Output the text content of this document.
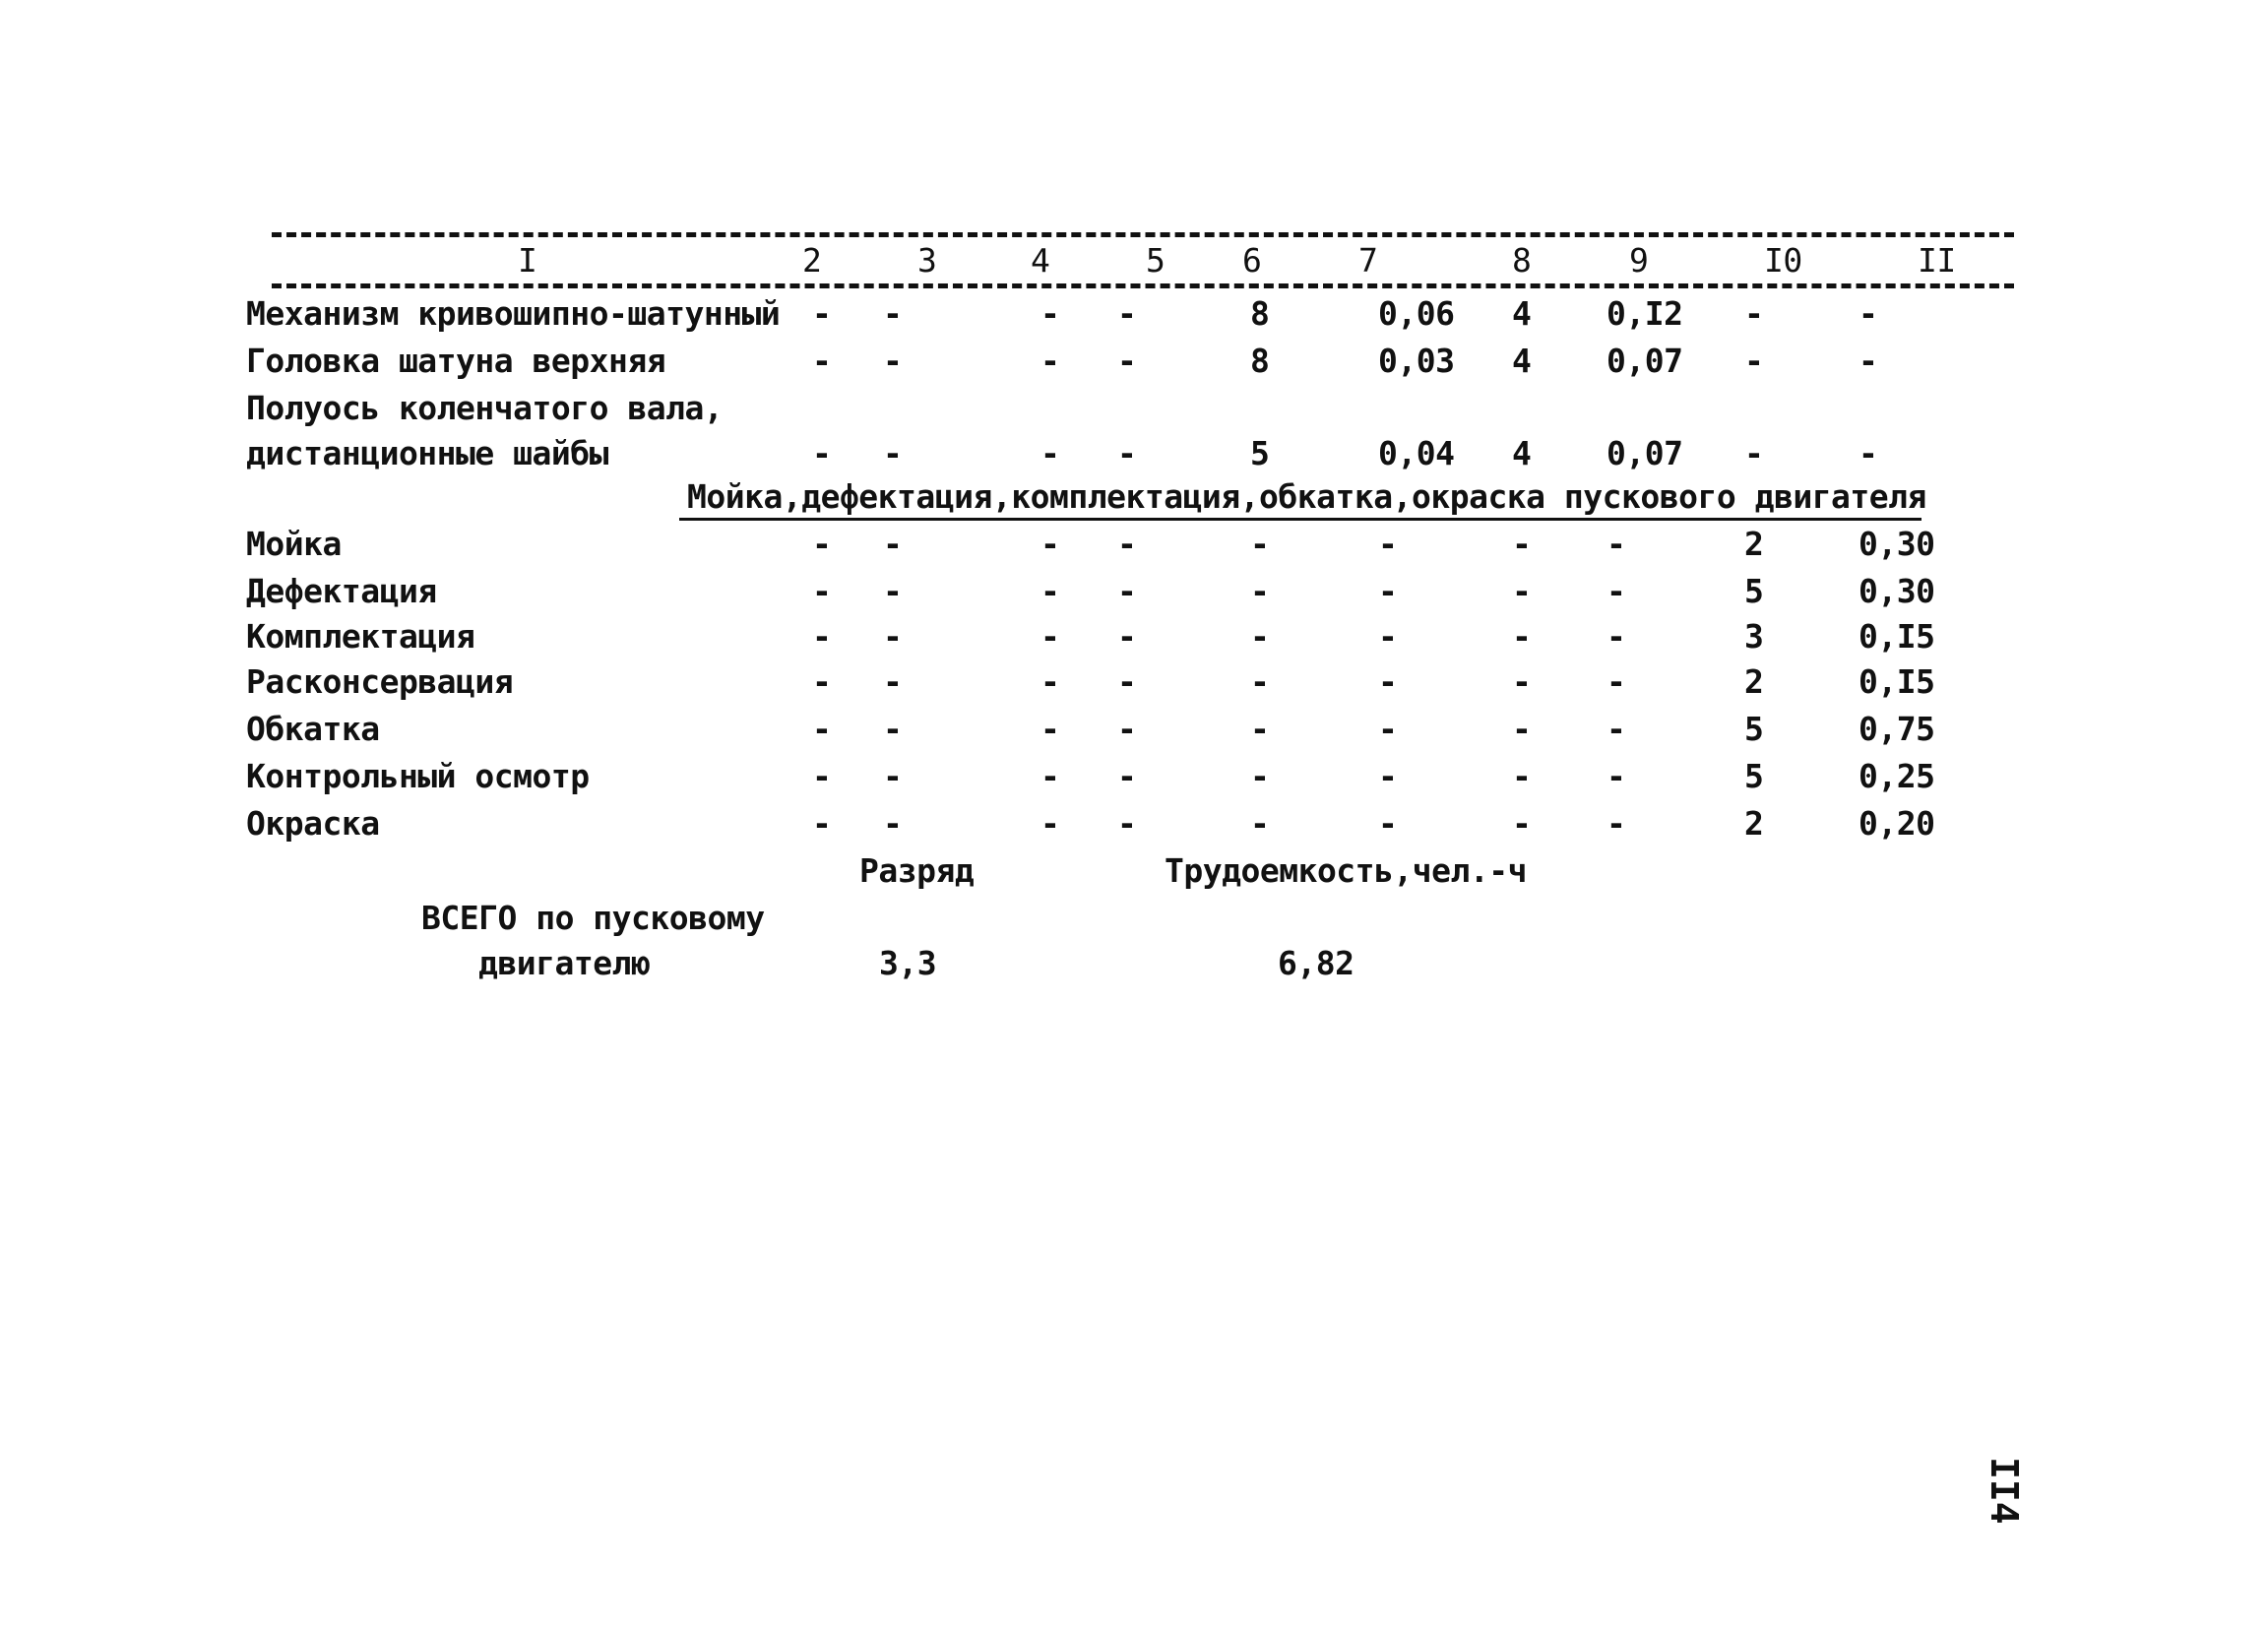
I	2	3	4	5 6	7	8	9	I0	II
Механизм кривошипно-шатунный - -	- -	8	0,06 4 0,I2 -	-
Головка шатуна верхняя	- -	- -	8	0,03 4 0,07 -	-
Полуось коленчатого вала,
дистанционные шайбы	- -	- -	5	0,04 4 0,07 -	-
Мойка,дефектация,комплектация,обкатка,окраска пускового двигателя
Мойка	- -	- -	-	-	- -	2	0,30
Дефектация	- -	- -	-	-	- -	5	0,30
Комплектация	- -	- -	-	-	- -	3	0,I5
Расконсервация	- -	- -	-	-	- -	2	0,I5
Обкатка	- -	- -	-	-	- -	5	0,75
Контрольный осмотр	- -	- -	-	-	- -	5	0,25
Окраска	- -	- -	-	-	- -	2	0,20
Разряд	Трудоемкость,чел.-ч
ВСЕГО по пусковому
двигателю	3,3	6,82
II4
